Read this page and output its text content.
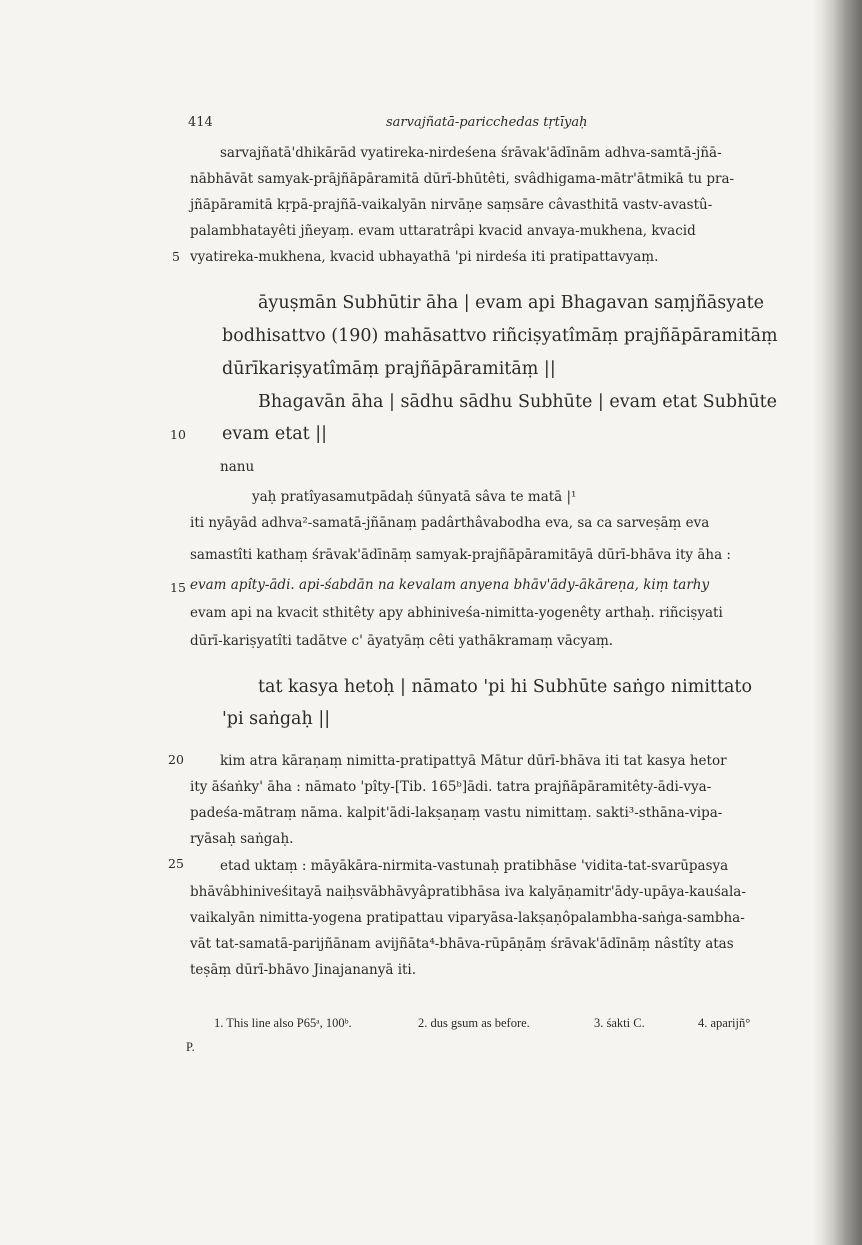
414	sarvajñatā-paricchedas tṛtīyaḥ
5
10
15
20
25
sarvajñatā'dhikārād vyatireka-nirdeśena śrāvak'ādīnām adhva-samtā-jñā-
nābhāvāt samyak-prājñāpāramitā dūrī-bhūtêti, svâdhigama-mātr'ātmikā tu pra-
jñāpāramitā kṛpā-prajñā-vaikalyān nirvāṇe saṃsāre câvasthitā vastv-avastû-
palambhatayêti jñeyaṃ. evam uttaratrâpi kvacid anvaya-mukhena, kvacid
vyatireka-mukhena, kvacid ubhayathā 'pi nirdeśa iti pratipattavyaṃ.
āyuṣmān Subhūtir āha | evam api Bhagavan saṃjñāsyate
bodhisattvo (190) mahāsattvo riñciṣyatîmāṃ prajñāpāramitāṃ
dūrīkariṣyatîmāṃ prajñāpāramitāṃ ||
Bhagavān āha | sādhu sādhu Subhūte | evam etat Subhūte
evam etat ||
nanu
yaḥ pratîyasamutpādaḥ śūnyatā sâva te matā |¹
iti nyāyād adhva²-samatā-jñānaṃ padârthâvabodha eva, sa ca sarveṣāṃ eva
samastîti kathaṃ śrāvak'ādīnāṃ samyak-prajñāpāramitāyā dūrī-bhāva ity āha :
evam apîty-ādi. api-śabdān na kevalam anyena bhāv'ādy-ākāreṇa, kiṃ tarhy
evam api na kvacit sthitêty apy abhiniveśa-nimitta-yogenêty arthaḥ. riñciṣyati
dūrī-kariṣyatîti tadātve c' āyatyāṃ cêti yathākramaṃ vācyaṃ.
tat kasya hetoḥ | nāmato 'pi hi Subhūte saṅgo nimittato
'pi saṅgaḥ ||
kim atra kāraṇaṃ nimitta-pratipattyā Mātur dūrī-bhāva iti tat kasya hetor
ity āśaṅky' āha : nāmato 'pîty-[Tib. 165ᵇ]ādi. tatra prajñāpāramitêty-ādi-vya-
padeśa-mātraṃ nāma. kalpit'ādi-lakṣaṇaṃ vastu nimittaṃ. sakti³-sthāna-vipa-
ryāsaḥ saṅgaḥ.
etad uktaṃ : māyākāra-nirmita-vastunaḥ pratibhāse 'vidita-tat-svarūpasya
bhāvâbhiniveśitayā naiḥsvābhāvyâpratibhāsa iva kalyāṇamitr'ādy-upāya-kauśala-
vaikalyān nimitta-yogena pratipattau viparyāsa-lakṣaṇôpalambha-saṅga-sambha-
vāt tat-samatā-parijñānam avijñāta⁴-bhāva-rūpāṇāṃ śrāvak'ādīnāṃ nâstîty atas
teṣāṃ dūrī-bhāvo Jinajananyā iti.
1. This line also P65ᵃ, 100ᵇ.	2. dus gsum as before.	3. śakti C.	4. aparijñ°
P.
